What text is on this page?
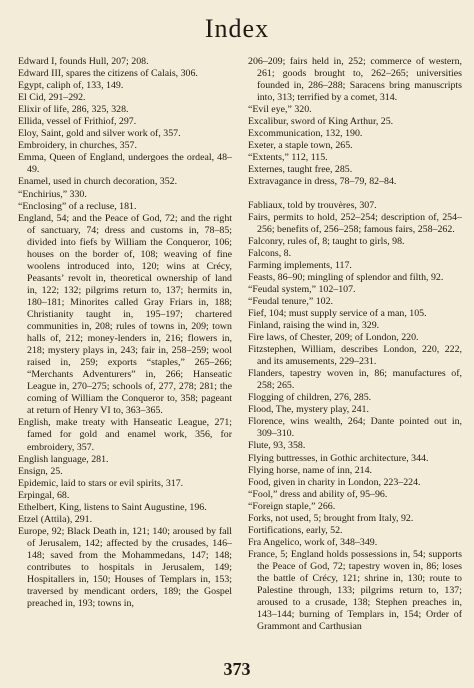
Index
Edward I, founds Hull, 207; 208.
Edward III, spares the citizens of Calais, 306.
Egypt, caliph of, 133, 149.
El Cid, 291–292.
Elixir of life, 286, 325, 328.
Ellida, vessel of Frithiof, 297.
Eloy, Saint, gold and silver work of, 357.
Embroidery, in churches, 357.
Emma, Queen of England, undergoes the ordeal, 48–49.
Enamel, used in church decoration, 352.
“Enchirius,” 330.
“Enclosing” of a recluse, 181.
England, 54; and the Peace of God, 72; and the right of sanctuary, 74; dress and customs in, 78–85; divided into fiefs by William the Conqueror, 106; houses on the border of, 108; weaving of fine woolens introduced into, 120; wins at Crécy, Peasants’ revolt in, theoretical ownership of land in, 122; 132; pilgrims return to, 137; hermits in, 180–181; Minorites called Gray Friars in, 188; Christianity taught in, 195–197; chartered communities in, 208; rules of towns in, 209; town halls of, 212; money-lenders in, 216; flowers in, 218; mystery plays in, 243; fair in, 258–259; wool raised in, 259; exports “staples,” 265–266; “Merchants Adventurers” in, 266; Hanseatic League in, 270–275; schools of, 277, 278; 281; the coming of William the Conqueror to, 358; pageant at return of Henry VI to, 363–365.
English, make treaty with Hanseatic League, 271; famed for gold and enamel work, 356, for embroidery, 357.
English language, 281.
Ensign, 25.
Epidemic, laid to stars or evil spirits, 317.
Erpingal, 68.
Ethelbert, King, listens to Saint Augustine, 196.
Etzel (Attila), 291.
Europe, 92; Black Death in, 121; 140; aroused by fall of Jerusalem, 142; affected by the crusades, 146–148; saved from the Mohammedans, 147; 148; contributes to hospitals in Jerusalem, 149; Hospitallers in, 150; Houses of Templars in, 153; traversed by mendicant orders, 189; the Gospel preached in, 193; towns in,
206–209; fairs held in, 252; commerce of western, 261; goods brought to, 262–265; universities founded in, 286–288; Saracens bring manuscripts into, 313; terrified by a comet, 314.
“Evil eye,” 320.
Excalibur, sword of King Arthur, 25.
Excommunication, 132, 190.
Exeter, a staple town, 265.
“Extents,” 112, 115.
Externes, taught free, 285.
Extravagance in dress, 78–79, 82–84.
Fabliaux, told by trouvères, 307.
Fairs, permits to hold, 252–254; description of, 254–256; benefits of, 256–258; famous fairs, 258–262.
Falconry, rules of, 8; taught to girls, 98.
Falcons, 8.
Farming implements, 117.
Feasts, 86–90; mingling of splendor and filth, 92.
“Feudal system,” 102–107.
“Feudal tenure,” 102.
Fief, 104; must supply service of a man, 105.
Finland, raising the wind in, 329.
Fire laws, of Chester, 209; of London, 220.
Fitzstephen, William, describes London, 220, 222, and its amusements, 229–231.
Flanders, tapestry woven in, 86; manufactures of, 258; 265.
Flogging of children, 276, 285.
Flood, The, mystery play, 241.
Florence, wins wealth, 264; Dante pointed out in, 309–310.
Flute, 93, 358.
Flying buttresses, in Gothic architecture, 344.
Flying horse, name of inn, 214.
Food, given in charity in London, 223–224.
“Fool,” dress and ability of, 95–96.
“Foreign staple,” 266.
Forks, not used, 5; brought from Italy, 92.
Fortifications, early, 52.
Fra Angelico, work of, 348–349.
France, 5; England holds possessions in, 54; supports the Peace of God, 72; tapestry woven in, 86; loses the battle of Crécy, 121; shrine in, 130; route to Palestine through, 133; pilgrims return to, 137; aroused to a crusade, 138; Stephen preaches in, 143–144; burning of Templars in, 154; Order of Grammont and Carthusian
373
